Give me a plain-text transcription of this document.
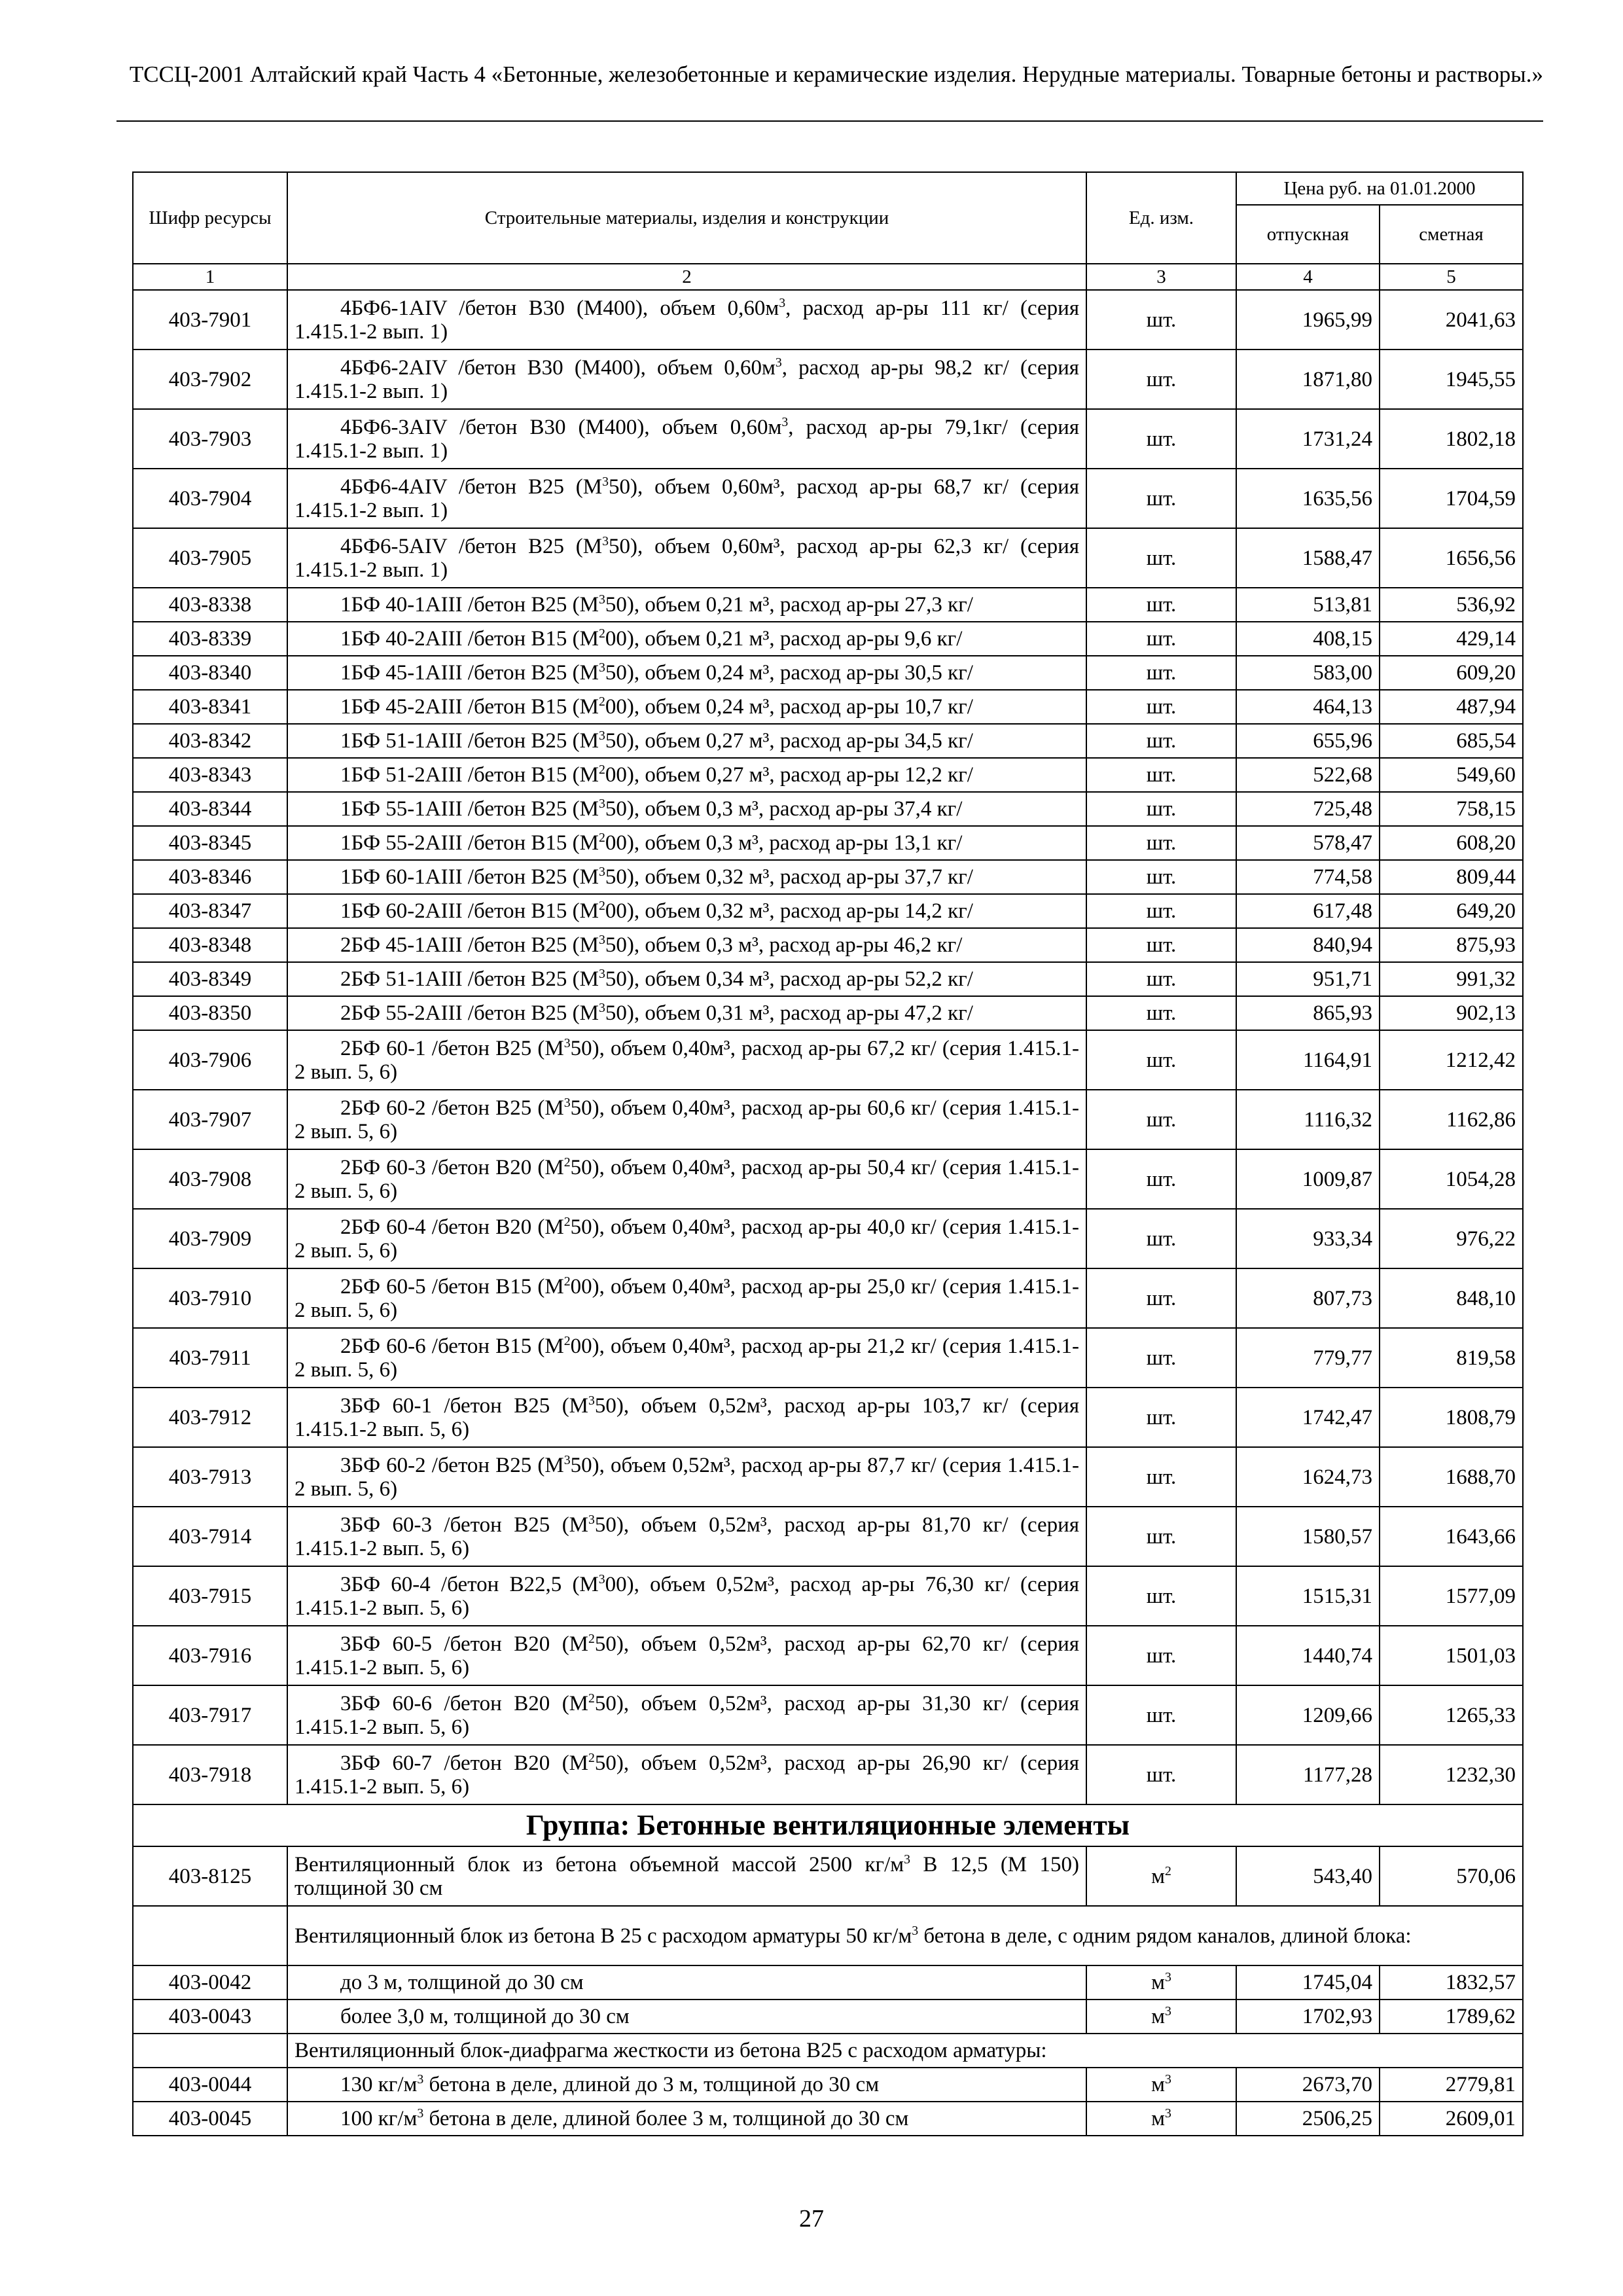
ТССЦ-2001 Алтайский край Часть 4 «Бетонные, железобетонные и керамические изделия. Нерудные материалы. Товарные бетоны и растворы.»
Шифр ресурсы	Строительные материалы, изделия и конструкции	Ед. изм.	Цена руб. на 01.01.2000	
			отпускная	сметная
1	2	3	4	5
403-7901	4БФ6-1AIV /бетон В30 (М400), объем $0,60м^3$, расход ар-ры 111 кг/ (серия 1.415.1-2 вып. 1)	шт.	1965,99	2041,63
403-7902	4БФ6-2AIV /бетон В30 (М400), объем $0,60м^3$, расход ар-ры 98,2 кг/ (серия 1.415.1-2 вып. 1)	шт.	1871,80	1945,55
403-7903	4БФ6-3AIV /бетон В30 (М400), объем $0,60м^3$, расход ар-ры 79,1кг/ (серия 1.415.1-2 вып. 1)	шт.	1731,24	1802,18
403-7904	4БФ6-4AIV /бетон В25 $(М^350)$, объем 0,60м³, расход ар-ры 68,7 кг/ (серия 1.415.1-2 вып. 1)	шт.	1635,56	1704,59
403-7905	4БФ6-5AIV /бетон В25 $(М^350)$, объем 0,60м³, расход ар-ры 62,3 кг/ (серия 1.415.1-2 вып. 1)	шт.	1588,47	1656,56
403-8338	1БФ 40-1АIII /бетон В25 $(М^350)$, объем 0,21 м³, расход ар-ры 27,3 кг/	шт.	513,81	536,92
403-8339	1БФ 40-2АIII /бетон В15 $(М^200)$, объем 0,21 м³, расход ар-ры 9,6 кг/	шт.	408,15	429,14
403-8340	1БФ 45-1АIII /бетон В25 $(М^350)$, объем 0,24 м³, расход ар-ры 30,5 кг/	шт.	583,00	609,20
403-8341	1БФ 45-2АIII /бетон В15 $(М^200)$, объем 0,24 м³, расход ар-ры 10,7 кг/	шт.	464,13	487,94
403-8342	1БФ 51-1АIII /бетон В25 $(М^350)$, объем 0,27 м³, расход ар-ры 34,5 кг/	шт.	655,96	685,54
403-8343	1БФ 51-2АIII /бетон В15 $(М^200)$, объем 0,27 м³, расход ар-ры 12,2 кг/	шт.	522,68	549,60
403-8344	1БФ 55-1АIII /бетон В25 $(М^350)$, объем 0,3 м³, расход ар-ры 37,4 кг/	шт.	725,48	758,15
403-8345	1БФ 55-2АIII /бетон В15 $(М^200)$, объем 0,3 м³, расход ар-ры 13,1 кг/	шт.	578,47	608,20
403-8346	1БФ 60-1АIII /бетон В25 $(М^350)$, объем 0,32 м³, расход ар-ры 37,7 кг/	шт.	774,58	809,44
403-8347	1БФ 60-2АIII /бетон В15 $(М^200)$, объем 0,32 м³, расход ар-ры 14,2 кг/	шт.	617,48	649,20
403-8348	2БФ 45-1АIII /бетон В25 $(М^350)$, объем 0,3 м³, расход ар-ры 46,2 кг/	шт.	840,94	875,93
403-8349	2БФ 51-1АIII /бетон В25 $(М^350)$, объем 0,34 м³, расход ар-ры 52,2 кг/	шт.	951,71	991,32
403-8350	2БФ 55-2АIII /бетон В25 $(М^350)$, объем 0,31 м³, расход ар-ры 47,2 кг/	шт.	865,93	902,13
403-7906	2БФ 60-1 /бетон В25 $(М^350)$, объем 0,40м³, расход ар-ры 67,2 кг/ (серия 1.415.1-2 вып. 5, 6)	шт.	1164,91	1212,42
403-7907	2БФ 60-2 /бетон В25 $(М^350)$, объем 0,40м³, расход ар-ры 60,6 кг/ (серия 1.415.1-2 вып. 5, 6)	шт.	1116,32	1162,86
403-7908	2БФ 60-3 /бетон В20 $(М^250)$, объем 0,40м³, расход ар-ры 50,4 кг/ (серия 1.415.1-2 вып. 5, 6)	шт.	1009,87	1054,28
403-7909	2БФ 60-4 /бетон В20 $(М^250)$, объем 0,40м³, расход ар-ры 40,0 кг/ (серия 1.415.1-2 вып. 5, 6)	шт.	933,34	976,22
403-7910	2БФ 60-5 /бетон В15 $(М^200)$, объем 0,40м³, расход ар-ры 25,0 кг/ (серия 1.415.1-2 вып. 5, 6)	шт.	807,73	848,10
403-7911	2БФ 60-6 /бетон В15 $(М^200)$, объем 0,40м³, расход ар-ры 21,2 кг/ (серия 1.415.1-2 вып. 5, 6)	шт.	779,77	819,58
403-7912	3БФ 60-1 /бетон В25 $(М^350)$, объем 0,52м³, расход ар-ры 103,7 кг/ (серия 1.415.1-2 вып. 5, 6)	шт.	1742,47	1808,79
403-7913	3БФ 60-2 /бетон В25 $(М^350)$, объем 0,52м³, расход ар-ры 87,7 кг/ (серия 1.415.1-2 вып. 5, 6)	шт.	1624,73	1688,70
403-7914	3БФ 60-3 /бетон В25 $(М^350)$, объем 0,52м³, расход ар-ры 81,70 кг/ (серия 1.415.1-2 вып. 5, 6)	шт.	1580,57	1643,66
403-7915	3БФ 60-4 /бетон В22,5 $(М^300)$, объем 0,52м³, расход ар-ры 76,30 кг/ (серия 1.415.1-2 вып. 5, 6)	шт.	1515,31	1577,09
403-7916	3БФ 60-5 /бетон В20 $(М^250)$, объем 0,52м³, расход ар-ры 62,70 кг/ (серия 1.415.1-2 вып. 5, 6)	шт.	1440,74	1501,03
403-7917	3БФ 60-6 /бетон В20 $(М^250)$, объем 0,52м³, расход ар-ры 31,30 кг/ (серия 1.415.1-2 вып. 5, 6)	шт.	1209,66	1265,33
403-7918	3БФ 60-7 /бетон В20 $(М^250)$, объем 0,52м³, расход ар-ры 26,90 кг/ (серия 1.415.1-2 вып. 5, 6)	шт.	1177,28	1232,30
Группа: Бетонные вентиляционные элементы				
403-8125	Вентиляционный блок из бетона объемной массой 2500 $кг/м^3$ В 12,5 (М 150) толщиной 30 см	$м^2$	543,40	570,06
	Вентиляционный блок из бетона В 25 с расходом арматуры 50 $кг/м^3$ бетона в деле, с одним рядом каналов, длиной блока:			
403-0042	до 3 м, толщиной до 30 см	$м^3$	1745,04	1832,57
403-0043	более 3,0 м, толщиной до 30 см	$м^3$	1702,93	1789,62
	Вентиляционный блок-диафрагма жесткости из бетона В25 с расходом арматуры:			
403-0044	130 $кг/м^3$ бетона в деле, длиной до 3 м, толщиной до 30 см	$м^3$	2673,70	2779,81
403-0045	100 $кг/м^3$ бетона в деле, длиной более 3 м, толщиной до 30 см	$м^3$	2506,25	2609,01
27
